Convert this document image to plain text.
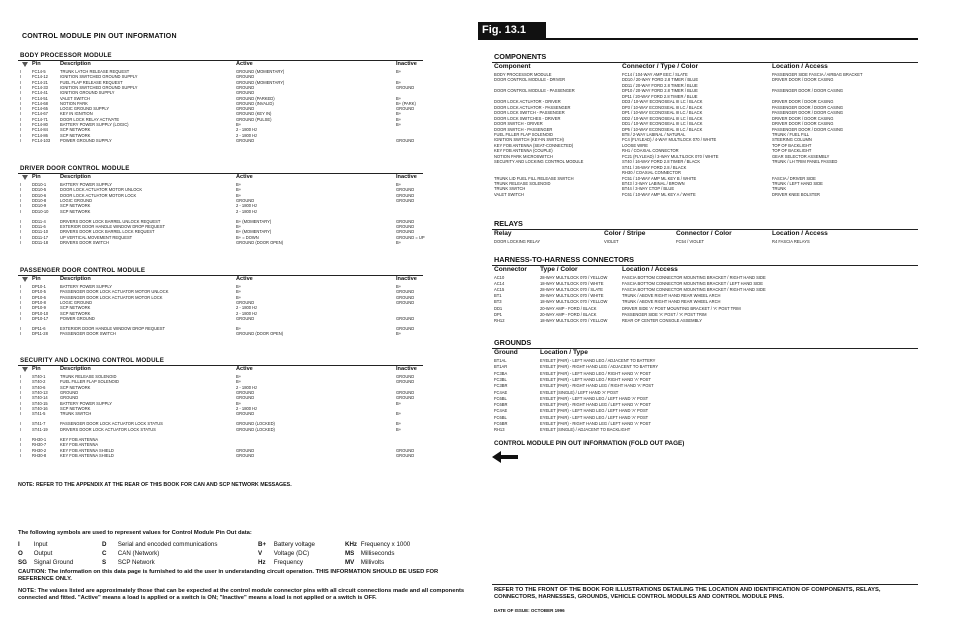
CONTROL MODULE PIN OUT INFORMATION
BODY PROCESSOR MODULE
Pin	Description	Active	Inactive
I	FC14-5	TRUNK LATCH RELEASE REQUEST	GROUND (MOMENTARY)	B+
I	FC14-12	IGNITION SWITCHED GROUND SUPPLY	GROUND
I	FC14-21	FUEL FLAP RELEASE REQUEST	GROUND (MOMENTARY)	B+
I	FC14-33	IGNITION SWITCHED GROUND SUPPLY	GROUND	GROUND
I	FC14-41	IGNITION GROUND SUPPLY	GROUND
I	FC14-51	VALET SWITCH	GROUND (PARKED)	B+
I	FC14-68	NOTION PARK	GROUND (INVALID)	B+ (PARK)
I	FC14-65	LOGIC GROUND SUPPLY	GROUND	GROUND
I	FC14-67	KEY IN IGNITION	GROUND (KEY IN)	B+
I	FC14-71	DOOR LOCK RELAY ACTIVATE	GROUND (PULSE)	B+
I	FC14-80	BATTERY POWER SUPPLY (LOGIC)	B+	B+
I	FC14-84	SCP NETWORK	2 - 1800 Hz
I	FC14-86	SCP NETWORK	2 - 1800 Hz
I	FC14-103 POWER GROUND SUPPLY	GROUND	GROUND
DRIVER DOOR CONTROL MODULE
Pin	Description	Active	Inactive
I	DD10-1	BATTERY POWER SUPPLY	B+	B+
I	DD10-5	DOOR LOCK ACTUATOR MOTOR UNLOCK	B+	GROUND
I	DD10-6	DOOR LOCK ACTUATOR MOTOR LOCK	B+	GROUND
I	DD10-8	LOGIC GROUND	GROUND	GROUND
I	DD10-9	SCP NETWORK	2 - 1800 Hz
I	DD10-10	SCP NETWORK	2 - 1800 Hz
I	DD11-4	DRIVERS DOOR LOCK BARREL UNLOCK REQUEST	B+ (MOMENTARY)	GROUND
I	DD11-6	EXTERIOR DOOR HANDLE WINDOW DROP REQUEST	B+	GROUND
I	DD11-10	DRIVERS DOOR LOCK BARREL LOCK REQUEST	B+ (MOMENTARY)	GROUND
I	DD11-17	UP VERTICAL MOVEMENT REQUEST	B+ = DOWN	GROUND = UP
I	DD11-18	DRIVERS DOOR SWITCH	GROUND (DOOR OPEN)	B+
PASSENGER DOOR CONTROL MODULE
Pin	Description	Active	Inactive
I	DP10-1	BATTERY POWER SUPPLY	B+	B+
I	DP10-5	PASSENGER DOOR LOCK ACTUATOR MOTOR UNLOCK	B+	GROUND
I	DP10-6	PASSENGER DOOR LOCK ACTUATOR MOTOR LOCK	B+	GROUND
I	DP10-8	LOGIC GROUND	GROUND	GROUND
I	DP10-9	SCP NETWORK	2 - 1800 Hz
I	DP10-10	SCP NETWORK	2 - 1800 Hz
I	DP10-17	POWER GROUND	GROUND	GROUND
I	DP11-6	EXTERIOR DOOR HANDLE WINDOW DROP REQUEST	B+	GROUND
I	DP11-28	PASSENGER DOOR SWITCH	GROUND (DOOR OPEN)	B+
SECURITY AND LOCKING CONTROL MODULE
Pin	Description	Active	Inactive
I	ST40-1	TRUNK RELEASE SOLENOID	B+	GROUND
I	ST40-2	FUEL FILLER FLAP SOLENOID	B+	GROUND
I	ST40-6	SCP NETWORK	2 - 1800 Hz
I	ST40-13	GROUND	GROUND	GROUND
I	ST40-14	GROUND	GROUND	GROUND
I	ST40-15	BATTERY POWER SUPPLY	B+	B+
I	ST40-16	SCP NETWORK	2 - 1800 Hz
I	ST41-5	TRUNK SWITCH	GROUND	B+
I	ST41-7	PASSENGER DOOR LOCK ACTUATOR LOCK STATUS	GROUND (LOCKED)	B+
I	ST41-19	DRIVERS DOOR LOCK ACTUATOR LOCK STATUS	GROUND (LOCKED)	B+
I	RH30-1	KEY FOB ANTENNA
I	RH30-7	KEY FOB ANTENNA
I	RH30-2	KEY FOB ANTENNA SHIELD	GROUND	GROUND
I	RH30-8	KEY FOB ANTENNA SHIELD	GROUND	GROUND
NOTE: REFER TO THE APPENDIX AT THE REAR OF THIS BOOK FOR CAN AND SCP NETWORK MESSAGES.
The following symbols are used to represent values for Control Module Pin Out data:
I Input	D Serial and encoded communications	B+ Battery voltage	KHz Frequency x 1000
O Output	C CAN (Network)	V Voltage (DC)	MS Milliseconds
SG Signal Ground	S SCP Network	Hz Frequency	MV Millivolts
CAUTION: The information on this data page is furnished to aid the user in understanding circuit operation. THIS INFORMATION SHOULD BE USED FOR REFERENCE ONLY.
NOTE: The values listed are approximately those that can be expected at the control module connector pins with all circuit connections made and all components connected and fitted. "Active" means a load is applied or a switch is ON; "Inactive" means a load is not applied or a switch is OFF.
Fig. 13.1
COMPONENTS
Component	Connector / Type / Color	Location / Access
BODY PROCESSOR MODULE	FC14 / 104-WAY AMP EEC / SLATE	PASSENGER SIDE FASCIA / AIRBAG BRACKET
DOOR CONTROL MODULE - DRIVER	DD10 / 20-WAY FORD 2.8 TIMER / BLUE	DRIVER DOOR / DOOR CASING
DD11 / 20-WAY FORD 2.8 TIMER / BLUE
DOOR CONTROL MODULE - PASSENGER	DP10 / 20-WAY FORD 2.8 TIMER / BLUE	PASSENGER DOOR / DOOR CASING
DP11 / 20-WAY FORD 2.8 TIMER / BLUE
DOOR LOCK ACTUATOR - DRIVER	DD3 / 10-WAY ECONOSEAL III LC / BLACK	DRIVER DOOR / DOOR CASING
DOOR LOCK ACTUATOR - PASSENGER	DP3 / 10-WAY ECONOSEAL III LC / BLACK	PASSENGER DOOR / DOOR CASING
DOOR LOCK SWITCH - PASSENGER	DP1 / 10-WAY ECONOSEAL III LC / BLACK	PASSENGER DOOR / DOOR CASING
DOOR LOCK SWITCHES - DRIVER	DD2 / 10-WAY ECONOSEAL III LC / BLACK	DRIVER DOOR / DOOR CASING
DOOR SWITCH - DRIVER	DD1 / 10-WAY ECONOSEAL III LC / BLACK	DRIVER DOOR / DOOR CASING
DOOR SWITCH - PASSENGER	DP5 / 10-WAY ECONOSEAL III LC / BLACK	PASSENGER DOOR / DOOR CASING
FUEL FILLER FLAP SOLENOID	BT8 / 2-WAY LABINAL / NATURAL	TRUNK / FUEL FILL
IGNITION SWITCH (KEY-IN SWITCH)	FC4 (FLYLEAD) / 4-WAY MULTILOCK 070 / WHITE	STEERING COLUMN
KEY FOB ANTENNA (SEAT-CONNECTED)	LOOSE WIRE	TOP OF BACKLIGHT
KEY FOB ANTENNA (COUPLE)	RH1 / COAXIAL CONNECTOR	TOP OF BACKLIGHT
NOTION PARK MICROSWITCH	FC21 (FLYLEAD) / 3-WAY MULTILOCK 070 / WHITE	GEAR SELECTOR ASSEMBLY
SECURITY AND LOCKING CONTROL MODULE	ST40 / 16-WAY FORD 2.8 TIMER / BLACK	TRUNK / LH TRIM PANEL PASSED
ST41 / 26-WAY FORD 2.8 / BLACK
RH30 / COAXIAL CONNECTOR
TRUNK LID FUEL FILL RELEASE SWITCH	FC51 / 10-WAY AMP ML KEY B / WHITE	FASCIA / DRIVER SIDE
TRUNK RELEASE SOLENOID	BT43 / 2-WAY LABINAL / BROWN	TRUNK / LEFT HAND SIDE
TRUNK SWITCH	BT44 / 3-WAY CTOP / BLUE	TRUNK
VALET SWITCH	FC61 / 10-WAY AMP ML KEY A / WHITE	DRIVER KNEE BOLSTER
RELAYS
Relay	Color / Stripe	Connector / Color	Location / Access
DOOR LOCKING RELAY	VIOLET	FC54 / VIOLET	R4 FASCIA RELAYS
HARNESS-TO-HARNESS CONNECTORS
Connector Type / Color	Location / Access
AC10	28-WAY MULTILOCK 070 / YELLOW	FASCIA BOTTOM CONNECTOR MOUNTING BRACKET / RIGHT HAND SIDE
AC14	18-WAY MULTILOCK 070 / WHITE	FASCIA BOTTOM CONNECTOR MOUNTING BRACKET / LEFT HAND SIDE
AC15	28-WAY MULTILOCK 070 / SLATE	FASCIA BOTTOM CONNECTOR MOUNTING BRACKET / RIGHT HAND SIDE
BT1	28-WAY MULTILOCK 070 / WHITE	TRUNK / ABOVE RIGHT HAND REAR WHEEL ARCH
BT3	18-WAY MULTILOCK 070 / YELLOW	TRUNK / ABOVE RIGHT HAND REAR WHEEL ARCH
DD1	20-WAY AMP - FORD / BLACK	DRIVER SIDE 'A' POST MOUNTING BRACKET / 'A' POST TRIM
DP1	20-WAY AMP - FORD / BLACK	PASSENGER SIDE 'A' POST / 'A' POST TRIM
RH12	18-WAY MULTILOCK 070 / YELLOW	REAR OF CENTER CONSOLE ASSEMBLY
GROUNDS
Ground	Location / Type
BT1AL	EYELET (PAIR) - LEFT HAND LEG / ADJACENT TO BATTERY
BT1AR	EYELET (PAIR) - RIGHT HAND LEG / ADJACENT TO BATTERY
FC3BA	EYELET (PAIR) - LEFT HAND LEG / RIGHT HAND 'A' POST
FC3BL	EYELET (PAIR) - LEFT HAND LEG / RIGHT HAND 'A' POST
FC3BR	EYELET (PAIR) - RIGHT HAND LEG / RIGHT HAND 'A' POST
FC4AE	EYELET (SINGLE) / LEFT HAND 'A' POST
FC6BL	EYELET (PAIR) - LEFT HAND LEG / LEFT HAND 'A' POST
FC6BR	EYELET (PAIR) - RIGHT HAND LEG / LEFT HAND 'A' POST
FC4AE	EYELET (PAIR) - LEFT HAND LEG / LEFT HAND 'A' POST
FC6BL	EYELET (PAIR) - LEFT HAND LEG / LEFT HAND 'A' POST
FC6BR	EYELET (PAIR) - RIGHT HAND LEG / LEFT HAND 'A' POST
RH13	EYELET (SINGLE) / ADJACENT TO BACKLIGHT
CONTROL MODULE PIN OUT INFORMATION (FOLD OUT PAGE)
REFER TO THE FRONT OF THE BOOK FOR ILLUSTRATIONS DETAILING THE LOCATION AND IDENTIFICATION OF COMPONENTS, RELAYS, CONNECTORS, HARNESSES, GROUNDS, VEHICLE CONTROL MODULES AND CONTROL MODULE PINS.
DATE OF ISSUE: OCTOBER 1996
